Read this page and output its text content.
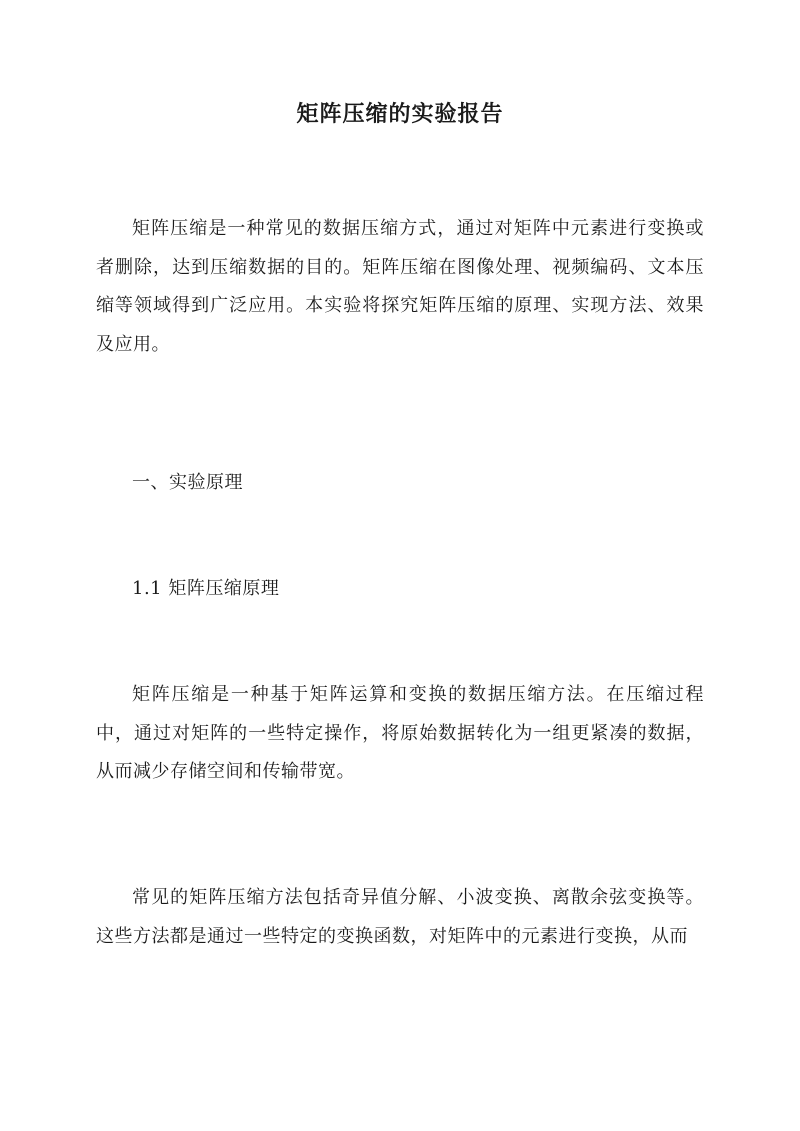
矩阵压缩的实验报告
矩阵压缩是一种常见的数据压缩方式，通过对矩阵中元素进行变换或者删除，达到压缩数据的目的。矩阵压缩在图像处理、视频编码、文本压缩等领域得到广泛应用。本实验将探究矩阵压缩的原理、实现方法、效果及应用。
一、实验原理
1.1 矩阵压缩原理
矩阵压缩是一种基于矩阵运算和变换的数据压缩方法。在压缩过程中，通过对矩阵的一些特定操作，将原始数据转化为一组更紧凑的数据，从而减少存储空间和传输带宽。
常见的矩阵压缩方法包括奇异值分解、小波变换、离散余弦变换等。这些方法都是通过一些特定的变换函数，对矩阵中的元素进行变换，从而
